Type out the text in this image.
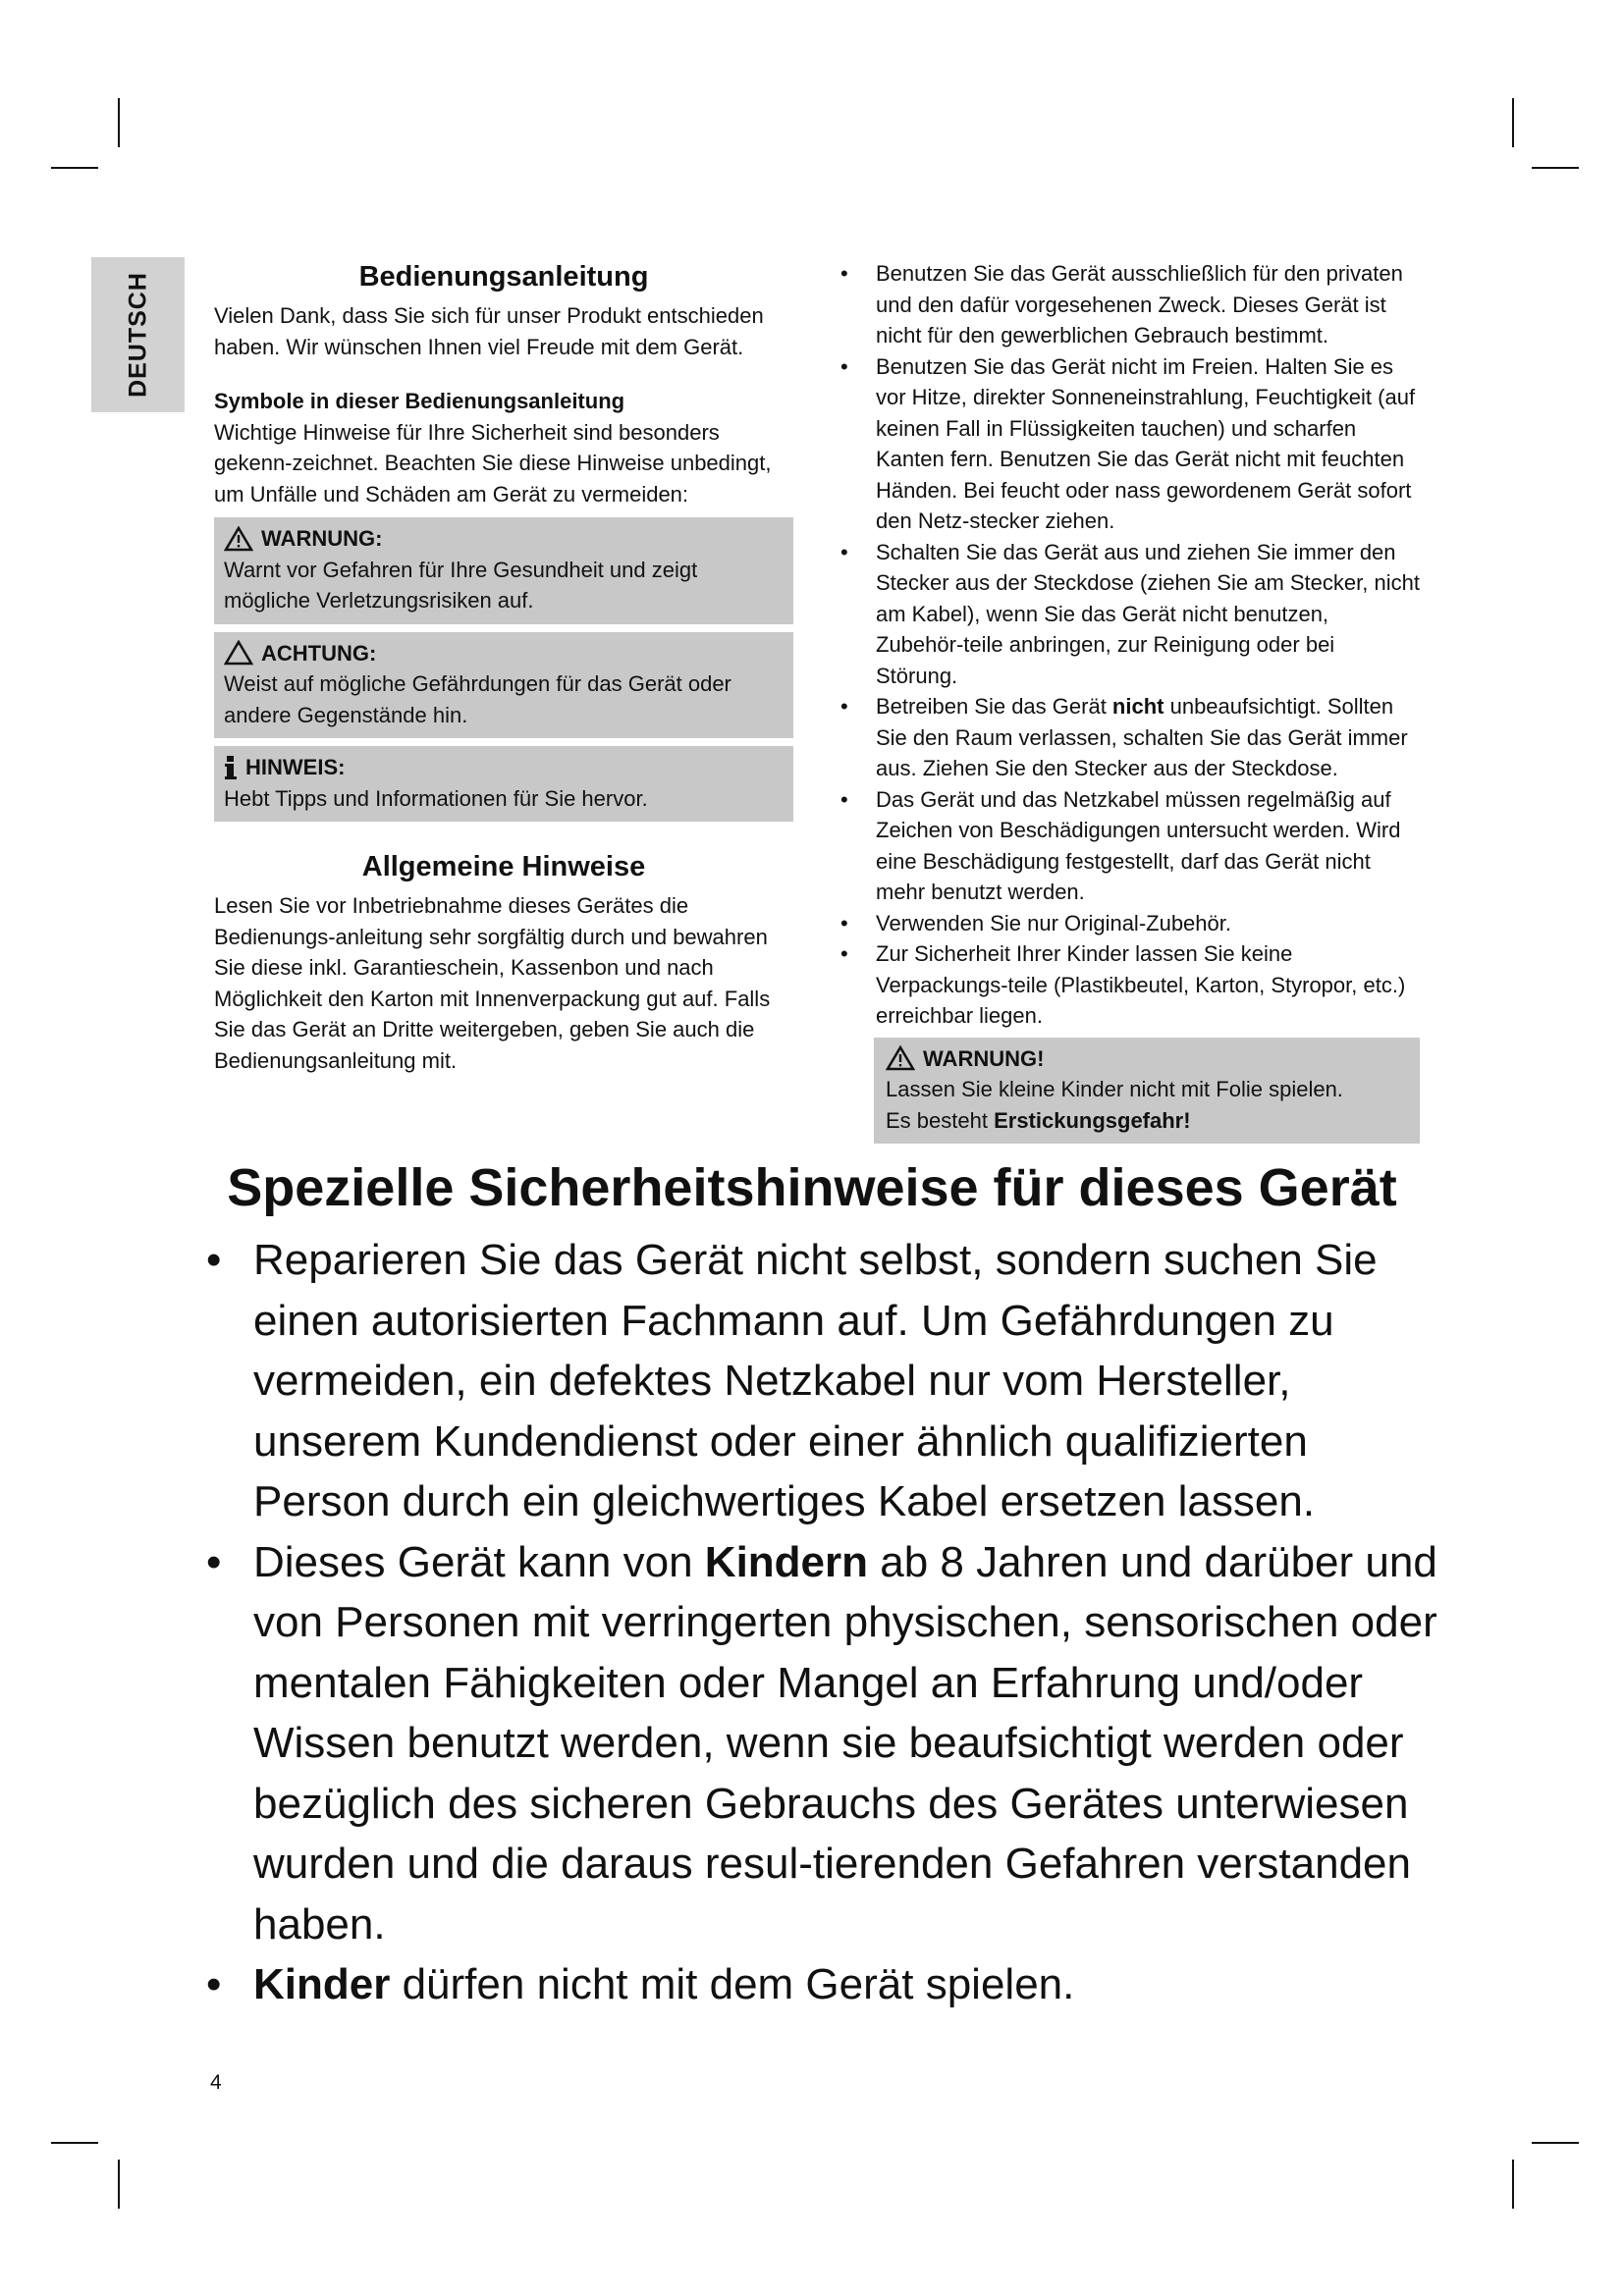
DEUTSCH	Bedienungsanleitung

Vielen Dank, dass Sie sich für unser Produkt entschieden haben. Wir wünschen Ihnen viel Freude mit dem Gerät.

Symbole in dieser Bedienungsanleitung

Wichtige Hinweise für Ihre Sicherheit sind besonders gekenn-zeichnet. Beachten Sie diese Hinweise unbedingt, um Unfälle und Schäden am Gerät zu vermeiden:

WARNUNG:

Warnt vor Gefahren für Ihre Gesundheit und zeigt mögliche Verletzungsrisiken auf.

ACHTUNG:

Weist auf mögliche Gefährdungen für das Gerät oder andere Gegenstände hin.

HINWEIS:

Hebt Tipps und Informationen für Sie hervor.

Allgemeine Hinweise

Lesen Sie vor Inbetriebnahme dieses Gerätes die Bedienungs-anleitung sehr sorgfältig durch und bewahren Sie diese inkl. Garantieschein, Kassenbon und nach Möglichkeit den Karton mit Innenverpackung gut auf. Falls Sie das Gerät an Dritte weitergeben, geben Sie auch die Bedienungsanleitung mit.

• Benutzen Sie das Gerät ausschließlich für den privaten und den dafür vorgesehenen Zweck. Dieses Gerät ist nicht für den gewerblichen Gebrauch bestimmt.
• Benutzen Sie das Gerät nicht im Freien. Halten Sie es vor Hitze, direkter Sonneneinstrahlung, Feuchtigkeit (auf keinen Fall in Flüssigkeiten tauchen) und scharfen Kanten fern. Benutzen Sie das Gerät nicht mit feuchten Händen. Bei feucht oder nass gewordenem Gerät sofort den Netz-stecker ziehen.
• Schalten Sie das Gerät aus und ziehen Sie immer den Stecker aus der Steckdose (ziehen Sie am Stecker, nicht am Kabel), wenn Sie das Gerät nicht benutzen, Zubehör-teile anbringen, zur Reinigung oder bei Störung.
• Betreiben Sie das Gerät nicht unbeaufsichtigt. Sollten Sie den Raum verlassen, schalten Sie das Gerät immer aus. Ziehen Sie den Stecker aus der Steckdose.
• Das Gerät und das Netzkabel müssen regelmäßig auf Zeichen von Beschädigungen untersucht werden. Wird eine Beschädigung festgestellt, darf das Gerät nicht mehr benutzt werden.
• Verwenden Sie nur Original-Zubehör.
• Zur Sicherheit Ihrer Kinder lassen Sie keine Verpackungs-teile (Plastikbeutel, Karton, Styropor, etc.) erreichbar liegen.
WARNUNG!

Lassen Sie kleine Kinder nicht mit Folie spielen.

Es besteht Erstickungsgefahr!

Spezielle Sicherheitshinweise für dieses Gerät
• Reparieren Sie das Gerät nicht selbst, sondern suchen Sie einen autorisierten Fachmann auf. Um Gefährdungen zu vermeiden, ein defektes Netzkabel nur vom Hersteller, unserem Kundendienst oder einer ähnlich qualifizierten Person durch ein gleichwertiges Kabel ersetzen lassen.
• Dieses Gerät kann von Kindern ab 8 Jahren und darüber und von Personen mit verringerten physischen, sensorischen oder mentalen Fähigkeiten oder Mangel an Erfahrung und/oder Wissen benutzt werden, wenn sie beaufsichtigt werden oder bezüglich des sicheren Gebrauchs des Gerätes unterwiesen wurden und die daraus resul-tierenden Gefahren verstanden haben.
• Kinder dürfen nicht mit dem Gerät spielen.
4
